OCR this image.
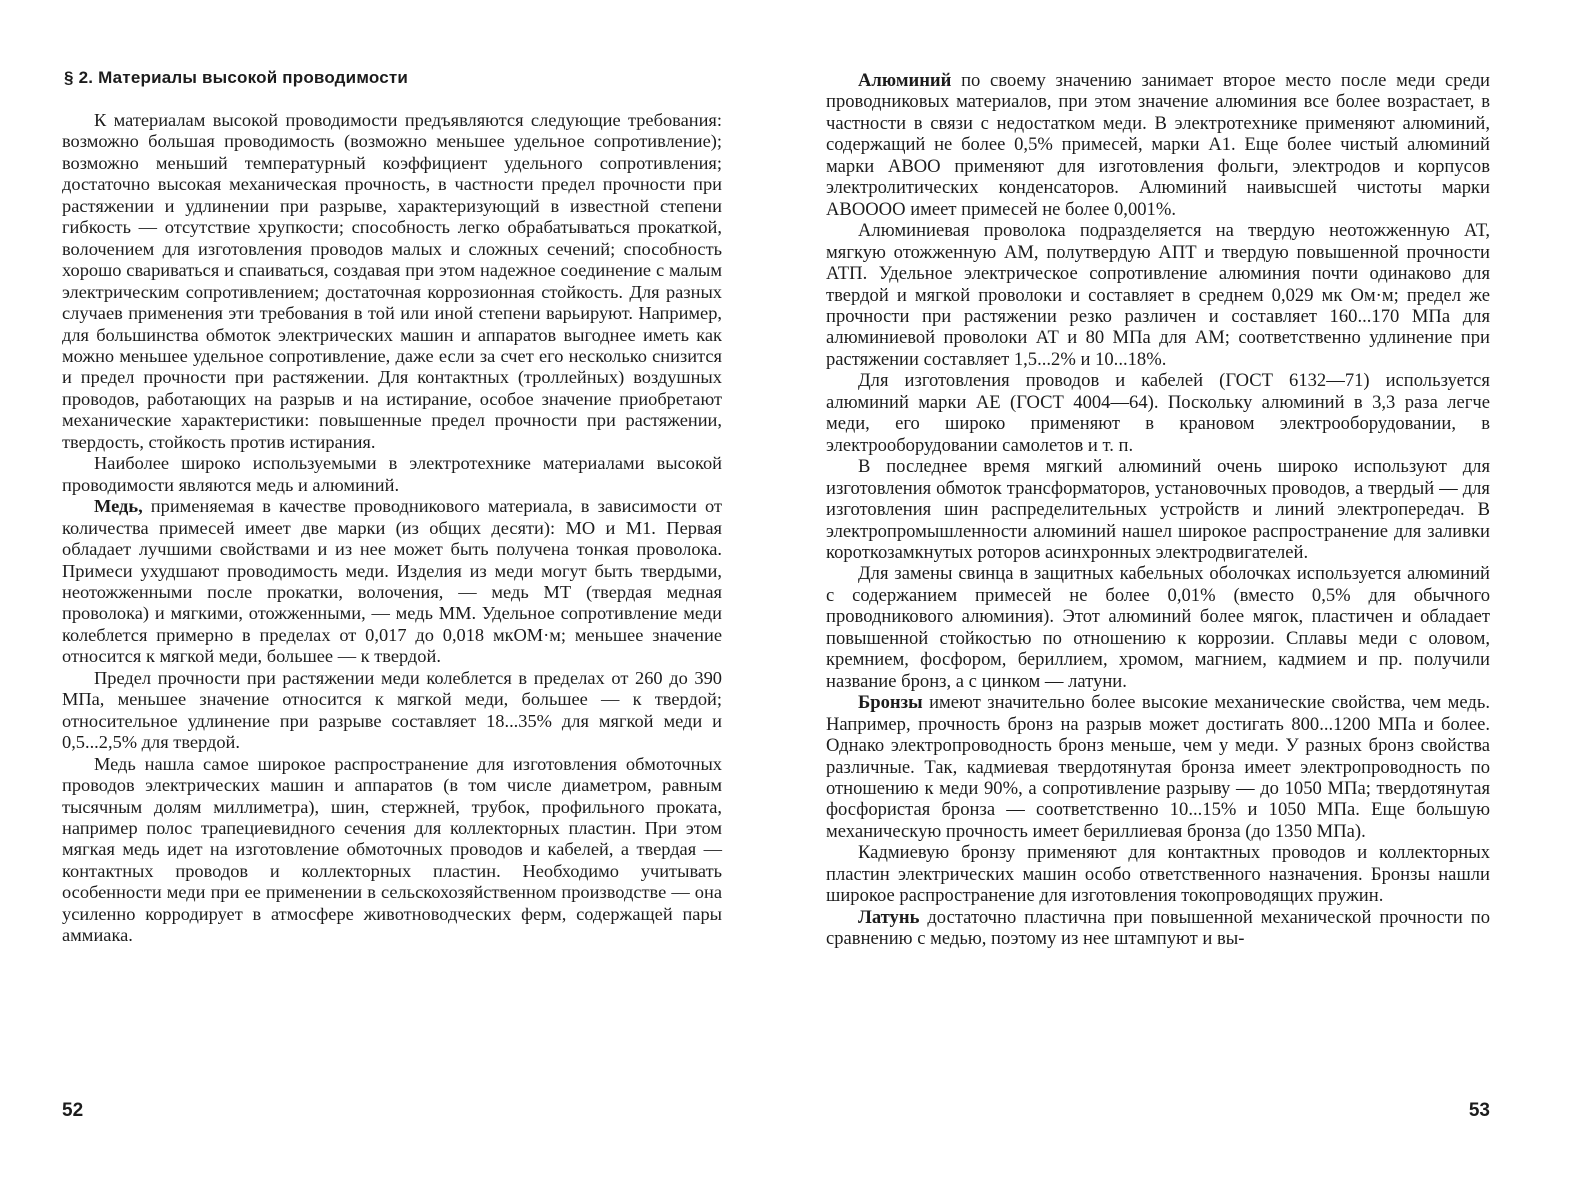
§ 2. Материалы высокой проводимости

К материалам высокой проводимости предъявляются следующие требования: возможно большая проводимость (возможно меньшее удельное сопротивление); возможно меньший температурный коэффициент удельного сопротивления; достаточно высокая механическая прочность, в частности предел прочности при растяжении и удлинении при разрыве, характеризующий в известной степени гибкость — отсутствие хрупкости; способность легко обрабатываться прокаткой, волочением для изготовления проводов малых и сложных сечений; способность хорошо свариваться и спаиваться, создавая при этом надежное соединение с малым электрическим сопротивлением; достаточная коррозионная стойкость. Для разных случаев применения эти требования в той или иной степени варьируют. Например, для большинства обмоток электрических машин и аппаратов выгоднее иметь как можно меньшее удельное сопротивление, даже если за счет его несколько снизится и предел прочности при растяжении. Для контактных (троллейных) воздушных проводов, работающих на разрыв и на истирание, особое значение приобретают механические характеристики: повышенные предел прочности при растяжении, твердость, стойкость против истирания.

Наиболее широко используемыми в электротехнике материалами высокой проводимости являются медь и алюминий.

Медь, применяемая в качестве проводникового материала, в зависимости от количества примесей имеет две марки (из общих десяти): МО и М1. Первая обладает лучшими свойствами и из нее может быть получена тонкая проволока. Примеси ухудшают проводимость меди. Изделия из меди могут быть твердыми, неотожженными после прокатки, волочения, — медь МТ (твердая медная проволока) и мягкими, отожженными, — медь ММ. Удельное сопротивление меди колеблется примерно в пределах от 0,017 до 0,018 мкОМ·м; меньшее значение относится к мягкой меди, большее — к твердой.

Предел прочности при растяжении меди колеблется в пределах от 260 до 390 МПа, меньшее значение относится к мягкой меди, большее — к твердой; относительное удлинение при разрыве составляет 18...35% для мягкой меди и 0,5...2,5% для твердой.

Медь нашла самое широкое распространение для изготовления обмоточных проводов электрических машин и аппаратов (в том числе диаметром, равным тысячным долям миллиметра), шин, стержней, трубок, профильного проката, например полос трапециевидного сечения для коллекторных пластин. При этом мягкая медь идет на изготовление обмоточных проводов и кабелей, а твердая — контактных проводов и коллекторных пластин. Необходимо учитывать особенности меди при ее применении в сельскохозяйственном производстве — она усиленно корродирует в атмосфере животноводческих ферм, содержащей пары аммиака.

52

Алюминий по своему значению занимает второе место после меди среди проводниковых материалов, при этом значение алюминия все более возрастает, в частности в связи с недостатком меди. В электротехнике применяют алюминий, содержащий не более 0,5% примесей, марки А1. Еще более чистый алюминий марки АВОО применяют для изготовления фольги, электродов и корпусов электролитических конденсаторов. Алюминий наивысшей чистоты марки АВОООО имеет примесей не более 0,001%.

Алюминиевая проволока подразделяется на твердую неотожженную АТ, мягкую отожженную АМ, полутвердую АПТ и твердую повышенной прочности АТП. Удельное электрическое сопротивление алюминия почти одинаково для твердой и мягкой проволоки и составляет в среднем 0,029 мк Ом·м; предел же прочности при растяжении резко различен и составляет 160...170 МПа для алюминиевой проволоки АТ и 80 МПа для АМ; соответственно удлинение при растяжении составляет 1,5...2% и 10...18%.

Для изготовления проводов и кабелей (ГОСТ 6132—71) используется алюминий марки АЕ (ГОСТ 4004—64). Поскольку алюминий в 3,3 раза легче меди, его широко применяют в крановом электрооборудовании, в электрооборудовании самолетов и т. п.

В последнее время мягкий алюминий очень широко используют для изготовления обмоток трансформаторов, установочных проводов, а твердый — для изготовления шин распределительных устройств и линий электропередач. В электропромышленности алюминий нашел широкое распространение для заливки короткозамкнутых роторов асинхронных электродвигателей.

Для замены свинца в защитных кабельных оболочках используется алюминий с содержанием примесей не более 0,01% (вместо 0,5% для обычного проводникового алюминия). Этот алюминий более мягок, пластичен и обладает повышенной стойкостью по отношению к коррозии. Сплавы меди с оловом, кремнием, фосфором, бериллием, хромом, магнием, кадмием и пр. получили название бронз, а с цинком — латуни.

Бронзы имеют значительно более высокие механические свойства, чем медь. Например, прочность бронз на разрыв может достигать 800...1200 МПа и более. Однако электропроводность бронз меньше, чем у меди. У разных бронз свойства различные. Так, кадмиевая твердотянутая бронза имеет электропроводность по отношению к меди 90%, а сопротивление разрыву — до 1050 МПа; твердотянутая фосфористая бронза — соответственно 10...15% и 1050 МПа. Еще большую механическую прочность имеет бериллиевая бронза (до 1350 МПа).

Кадмиевую бронзу применяют для контактных проводов и коллекторных пластин электрических машин особо ответственного назначения. Бронзы нашли широкое распространение для изготовления токопроводящих пружин.

Латунь достаточно пластична при повышенной механической прочности по сравнению с медью, поэтому из нее штампуют и вы-

53
